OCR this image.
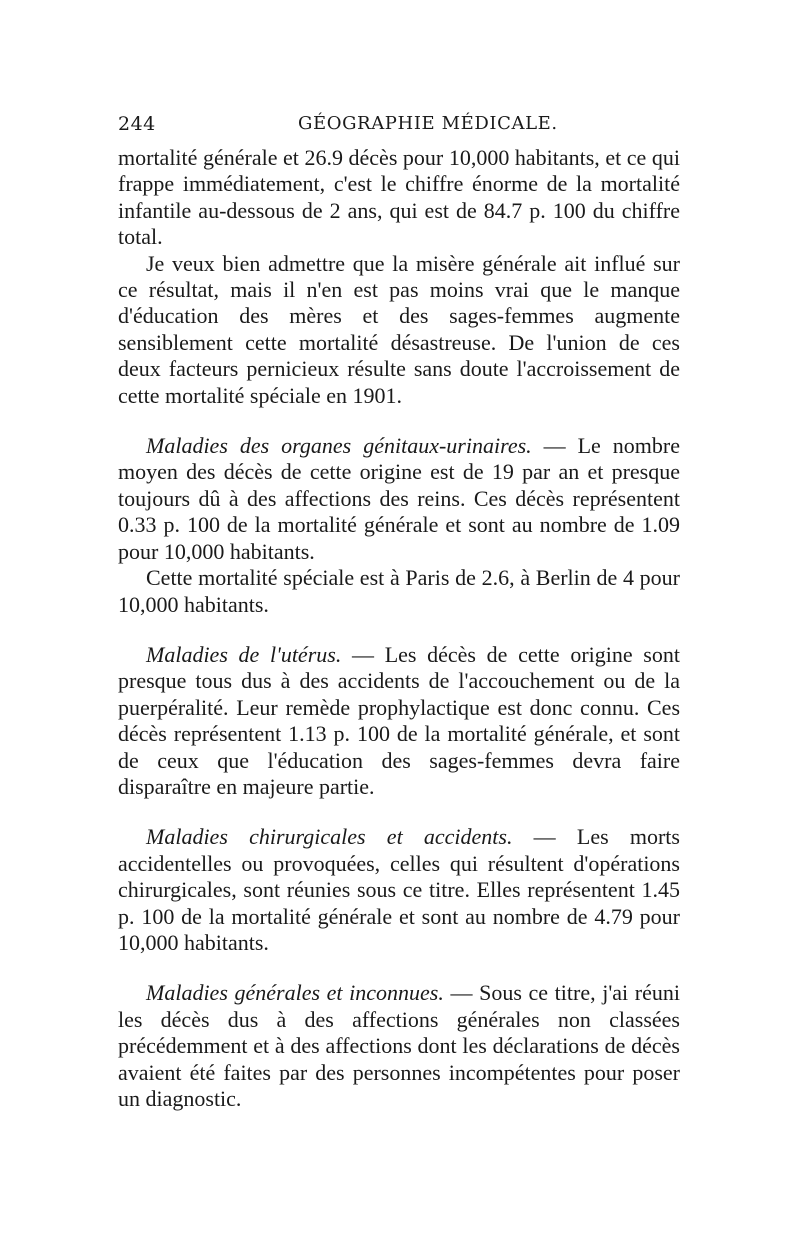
244	GÉOGRAPHIE MÉDICALE.

mortalité générale et 26.9 décès pour 10,000 habitants, et ce qui frappe immédiatement, c'est le chiffre énorme de la mortalité infantile au-dessous de 2 ans, qui est de 84.7 p. 100 du chiffre total.

Je veux bien admettre que la misère générale ait influé sur ce résultat, mais il n'en est pas moins vrai que le manque d'éducation des mères et des sages-femmes augmente sensiblement cette mortalité désastreuse. De l'union de ces deux facteurs pernicieux résulte sans doute l'accroissement de cette mortalité spéciale en 1901.

Maladies des organes génitaux-urinaires. — Le nombre moyen des décès de cette origine est de 19 par an et presque toujours dû à des affections des reins. Ces décès représentent 0.33 p. 100 de la mortalité générale et sont au nombre de 1.09 pour 10,000 habitants.

Cette mortalité spéciale est à Paris de 2.6, à Berlin de 4 pour 10,000 habitants.

Maladies de l'utérus. — Les décès de cette origine sont presque tous dus à des accidents de l'accouchement ou de la puerpéralité. Leur remède prophylactique est donc connu. Ces décès représentent 1.13 p. 100 de la mortalité générale, et sont de ceux que l'éducation des sages-femmes devra faire disparaître en majeure partie.

Maladies chirurgicales et accidents. — Les morts accidentelles ou provoquées, celles qui résultent d'opérations chirurgicales, sont réunies sous ce titre. Elles représentent 1.45 p. 100 de la mortalité générale et sont au nombre de 4.79 pour 10,000 habitants.

Maladies générales et inconnues. — Sous ce titre, j'ai réuni les décès dus à des affections générales non classées précédemment et à des affections dont les déclarations de décès avaient été faites par des personnes incompétentes pour poser un diagnostic.
